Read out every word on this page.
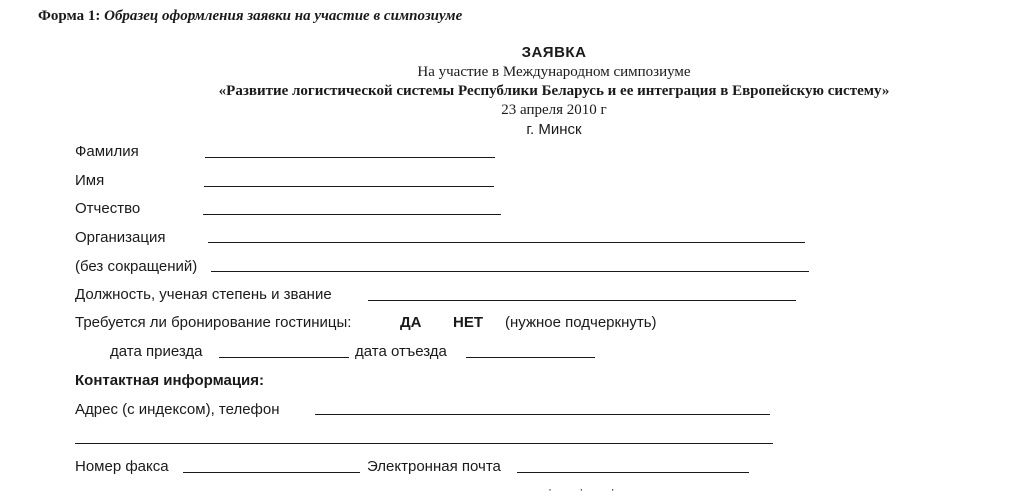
Форма 1: Образец оформления заявки на участие в симпозиуме
ЗАЯВКА
На участие в Международном симпозиуме
«Развитие логистической системы Республики Беларусь и ее интеграция в Европейскую систему»
23 апреля 2010 г
г. Минск
Фамилия
Имя
Отчество
Организация
(без сокращений)
Должность, ученая степень и звание
Требуется ли бронирование гостиницы:	ДА НЕТ (нужное подчеркнуть)
дата приезда	дата отъезда
Контактная информация:
Адрес (с индексом), телефон
Номер факса	Электронная почта
· · ·
